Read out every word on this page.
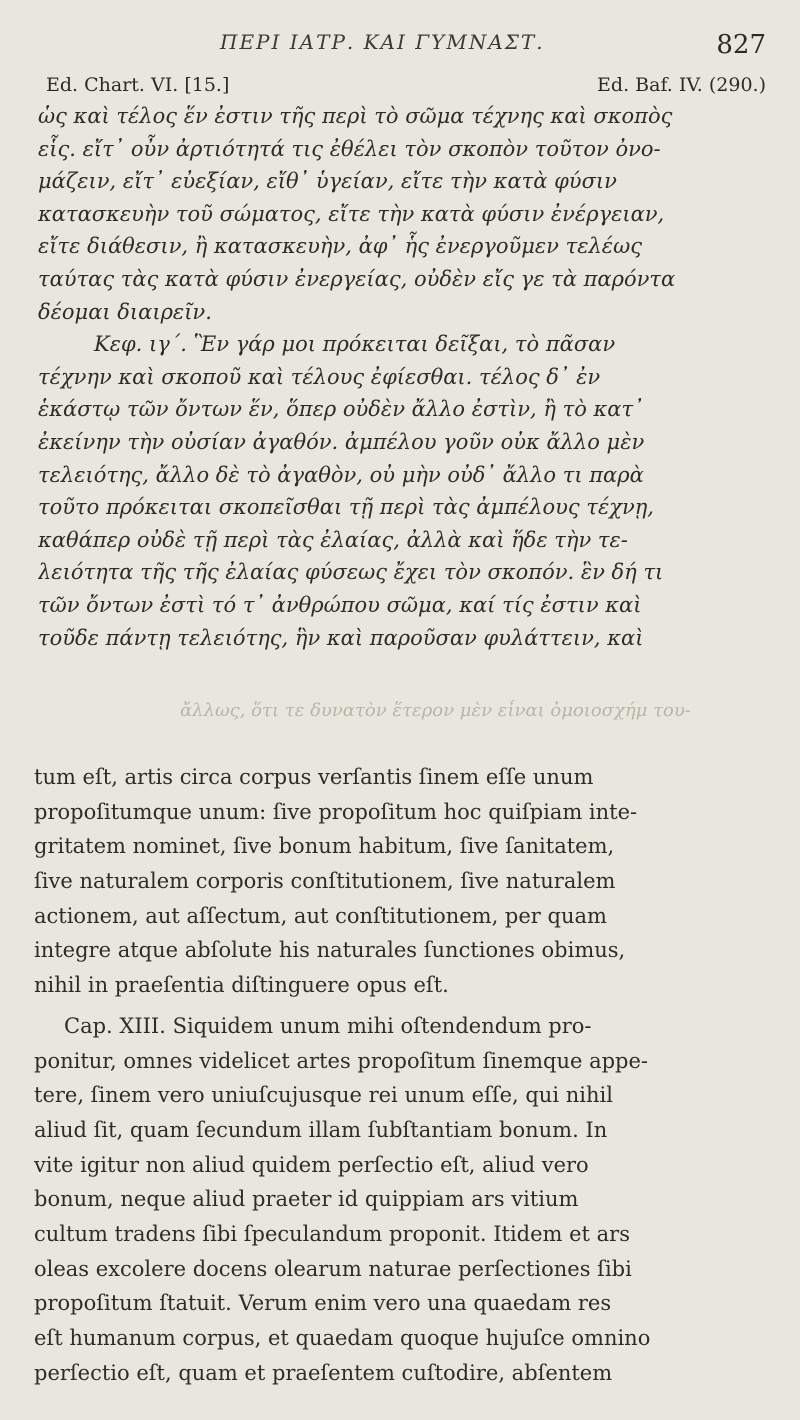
ΠΕΡΙ ΙΑΤΡ. ΚΑΙ ΓΥΜΝΑΣΤ.	827
Ed. Chart. VI. [15.]	Ed. Baf. IV. (290.)
ὡς καὶ τέλος ἕν ἐστιν τῆς περὶ τὸ σῶμα τέχνης καὶ σκοπὸς
εἷς. εἴτ᾽ οὖν ἀρτιότητά τις ἐθέλει τὸν σκοπὸν τοῦτον ὀνο-
μάζειν, εἴτ᾽ εὐεξίαν, εἴθ᾽ ὑγείαν, εἴτε τὴν κατὰ φύσιν
κατασκευὴν τοῦ σώματος, εἴτε τὴν κατὰ φύσιν ἐνέργειαν,
εἴτε διάθεσιν, ἢ κατασκευὴν, ἀφ᾽ ἧς ἐνεργοῦμεν τελέως
ταύτας τὰς κατὰ φύσιν ἐνεργείας, οὐδὲν εἴς γε τὰ παρόντα
δέομαι διαιρεῖν.
Κεφ. ιγ΄. Ἓν γάρ μοι πρόκειται δεῖξαι, τὸ πᾶσαν
τέχνην καὶ σκοποῦ καὶ τέλους ἐφίεσθαι. τέλος δ᾽ ἐν
ἑκάστῳ τῶν ὄντων ἕν, ὅπερ οὐδὲν ἄλλο ἐστὶν, ἢ τὸ κατ᾽
ἐκείνην τὴν οὐσίαν ἀγαθόν. ἀμπέλου γοῦν οὐκ ἄλλο μὲν
τελειότης, ἄλλο δὲ τὸ ἀγαθὸν, οὐ μὴν οὐδ᾽ ἄλλο τι παρὰ
τοῦτο πρόκειται σκοπεῖσθαι τῇ περὶ τὰς ἀμπέλους τέχνῃ,
καθάπερ οὐδὲ τῇ περὶ τὰς ἐλαίας, ἀλλὰ καὶ ἥδε τὴν τε-
λειότητα τῆς τῆς ἐλαίας φύσεως ἔχει τὸν σκοπόν. ἓν δή τι
τῶν ὄντων ἐστὶ τό τ᾽ ἀνθρώπου σῶμα, καί τίς ἐστιν καὶ
τοῦδε πάντῃ τελειότης, ἣν καὶ παροῦσαν φυλάττειν, καὶ
ἄλλως, ὅτι τε δυνατὸν ἕτερον μὲν εἶναι ὁμοιοσχήμ του-
tum eſt, artis circa corpus verſantis ſinem eſſe unum
propoſitumque unum: ſive propoſitum hoc quiſpiam inte-
gritatem nominet, ſive bonum habitum, ſive ſanitatem,
ſive naturalem corporis conſtitutionem, ſive naturalem
actionem, aut aſſectum, aut conſtitutionem, per quam
integre atque abſolute his naturales ſunctiones obimus,
nihil in praeſentia diſtinguere opus eſt.
Cap. XIII. Siquidem unum mihi oſtendendum pro-
ponitur, omnes videlicet artes propoſitum ſinemque appe-
tere, ſinem vero uniuſcujusque rei unum eſſe, qui nihil
aliud ſit, quam ſecundum illam ſubſtantiam bonum. In
vite igitur non aliud quidem perſectio eſt, aliud vero
bonum, neque aliud praeter id quippiam ars vitium
cultum tradens ſibi ſpeculandum proponit. Itidem et ars
oleas excolere docens olearum naturae perſectiones ſibi
propoſitum ſtatuit. Verum enim vero una quaedam res
eſt humanum corpus, et quaedam quoque hujuſce omnino
perſectio eſt, quam et praeſentem cuſtodire, abſentem
